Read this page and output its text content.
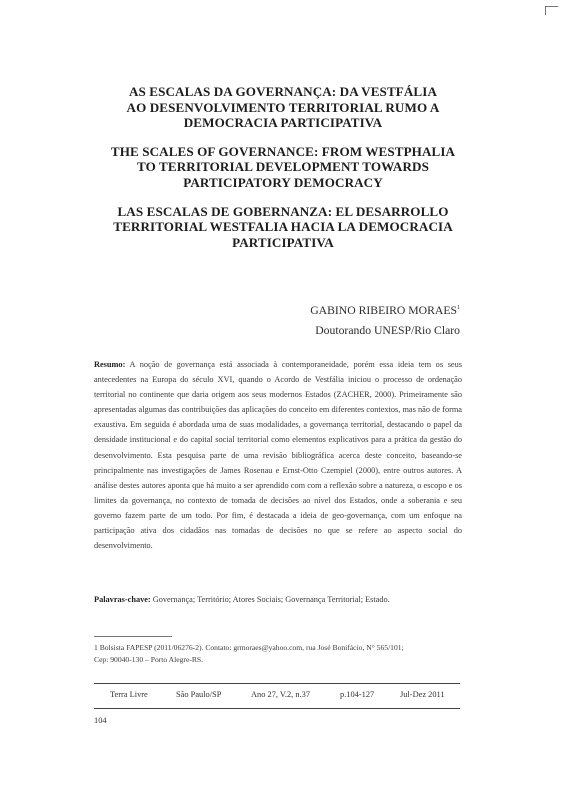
AS ESCALAS DA GOVERNANÇA: DA VESTFÁLIA
AO DESENVOLVIMENTO TERRITORIAL RUMO A
DEMOCRACIA PARTICIPATIVA
THE SCALES OF GOVERNANCE: FROM WESTPHALIA
TO TERRITORIAL DEVELOPMENT TOWARDS
PARTICIPATORY DEMOCRACY
LAS ESCALAS DE GOBERNANZA: EL DESARROLLO
TERRITORIAL WESTFALIA HACIA LA DEMOCRACIA
PARTICIPATIVA
GABINO RIBEIRO MORAES$^1$
Doutorando UNESP/Rio Claro

Resumo: A noção de governança está associada à contemporaneidade, porém essa ideia tem os seus antecedentes na Europa do século XVI, quando o Acordo de Vestfália iniciou o processo de ordenação territorial no continente que daria origem aos seus modernos Estados (ZACHER, 2000). Primeiramente são apresentadas algumas das contribuições das aplicações do conceito em diferentes contextos, mas não de forma exaustiva. Em seguida é abordada uma de suas modalidades, a governança territorial, destacando o papel da densidade institucional e do capital social territorial como elementos explicativos para a prática da gestão do desenvolvimento. Esta pesquisa parte de uma revisão bibliográfica acerca deste conceito, baseando-se principalmente nas investigações de James Rosenau e Ernst-Otto Czempiel (2000), entre outros autores. A análise destes autores aponta que há muito a ser aprendido com com a reflexão sobre a natureza, o escopo e os limites da governança, no contexto de tomada de decisões ao nível dos Estados, onde a soberania e seu governo fazem parte de um todo. Por fim, é destacada a ideia de geo-governança, com um enfoque na participação ativa dos cidadãos nas tomadas de decisões no que se refere ao aspecto social do desenvolvimento.

Palavras-chave: Governança; Território; Atores Sociais; Governança Territorial; Estado.

1 Bolsista FAPESP (2011/06276-2). Contato: grmoraes@yahoo.com, rua José Bonifácio, N° 565/101;
Cep: 90040-130 – Porto Alegre-RS.
Terra Livre	São Paulo/SP	Ano 27, V.2, n.37	p.104-127	Jul-Dez 2011
104
